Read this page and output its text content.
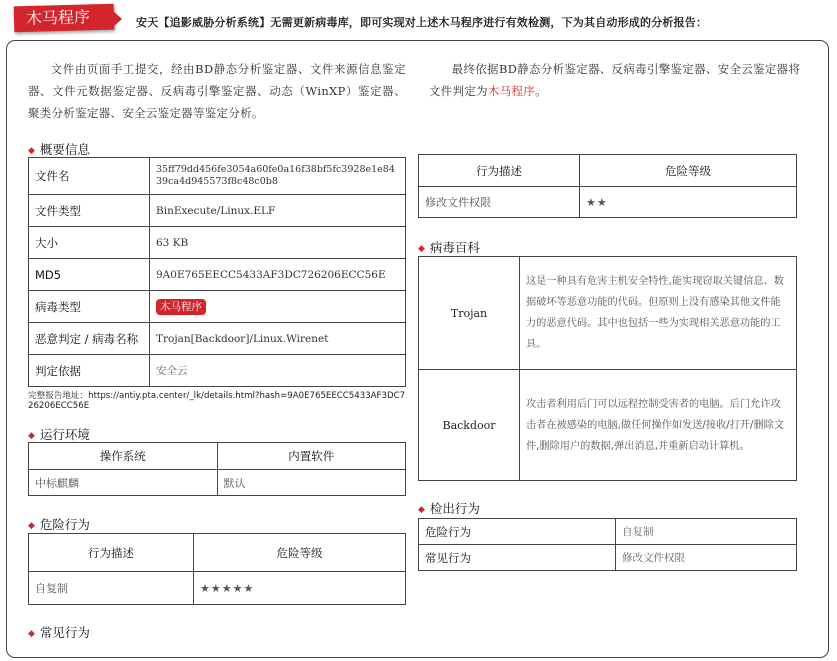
木马程序	安天【追影威胁分析系统】无需更新病毒库，即可实现对上述木马程序进行有效检测，下为其自动形成的分析报告：
文件由页面手工提交，经由BD静态分析鉴定器、文件来源信息鉴定器、文件元数据鉴定器、反病毒引擎鉴定器、动态（WinXP）鉴定器、聚类分析鉴定器、安全云鉴定器等鉴定分析。
最终依据BD静态分析鉴定器、反病毒引擎鉴定器、安全云鉴定器将文件判定为木马程序。
◆ 概要信息
文件名	35ff79dd456fe3054a60fe0a16f38bf5fc3928e1e8439ca4d945573f8c48c0b8
文件类型	BinExecute/Linux.ELF
大小	63 KB
MD5	9A0E765EECC5433AF3DC726206ECC56E
病毒类型	木马程序
恶意判定 / 病毒名称	Trojan[Backdoor]/Linux.Wirenet
判定依据	安全云
完整报告地址：https://antiy.pta.center/_lk/details.html?hash=9A0E765EECC5433AF3DC726206ECC56E
◆ 运行环境
操作系统	内置软件
中标麒麟	默认
◆ 危险行为
行为描述	危险等级
自复制	★★★★★
◆ 常见行为
行为描述	危险等级
修改文件权限	★★
◆ 病毒百科
Trojan	这是一种具有危害主机安全特性,能实现窃取关键信息、数据破坏等恶意功能的代码。但原则上没有感染其他文件能力的恶意代码。其中也包括一些为实现相关恶意功能的工具。
Backdoor	攻击者利用后门可以远程控制受害者的电脑。后门允许攻击者在被感染的电脑,做任何操作如发送/接收/打开/删除文件,删除用户的数据,弹出消息,并重新启动计算机。
◆ 检出行为
危险行为	自复制
常见行为	修改文件权限
